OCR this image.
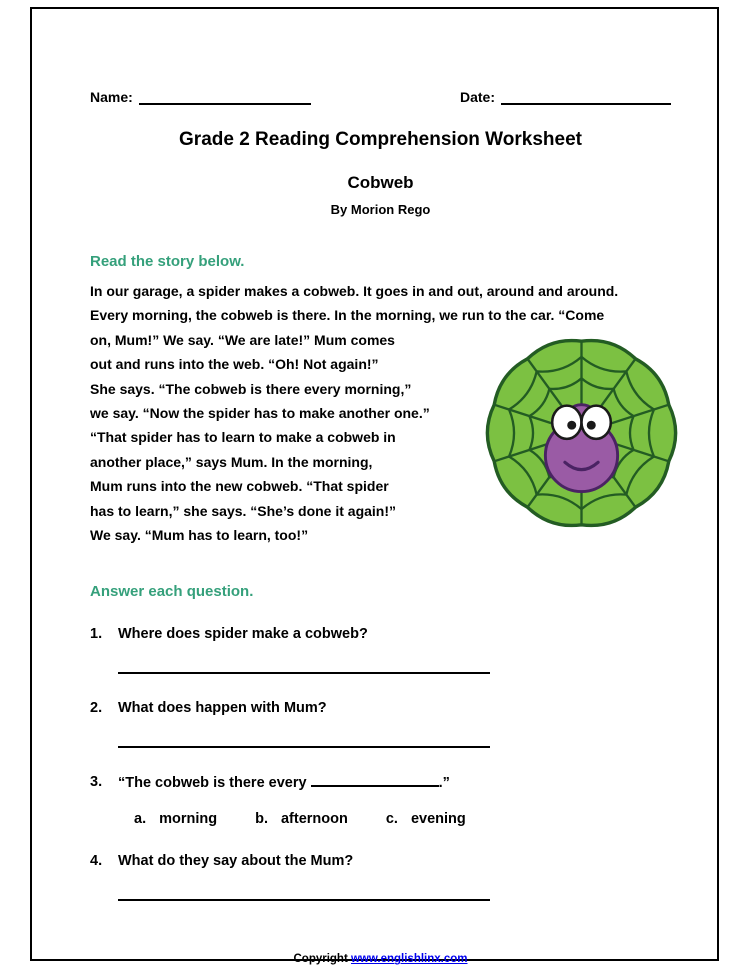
Name:	Date:
Grade 2 Reading Comprehension Worksheet
Cobweb
By Morion Rego
Read the story below.
In our garage, a spider makes a cobweb. It goes in and out, around and around.
Every morning, the cobweb is there. In the morning, we run to the car. “Come
on, Mum!” We say. “We are late!” Mum comes
out and runs into the web. “Oh! Not again!”
She says. “The cobweb is there every morning,”
we say. “Now the spider has to make another one.”
“That spider has to learn to make a cobweb in
another place,” says Mum. In the morning,
Mum runs into the new cobweb. “That spider
has to learn,” she says. “She’s done it again!”
We say. “Mum has to learn, too!”
Answer each question.
1.	Where does spider make a cobweb?
2.	What does happen with Mum?
3.	“The cobweb is there every	.”
a. morning	b. afternoon	c. evening
4.	What do they say about the Mum?
Copyright www.englishlinx.com
